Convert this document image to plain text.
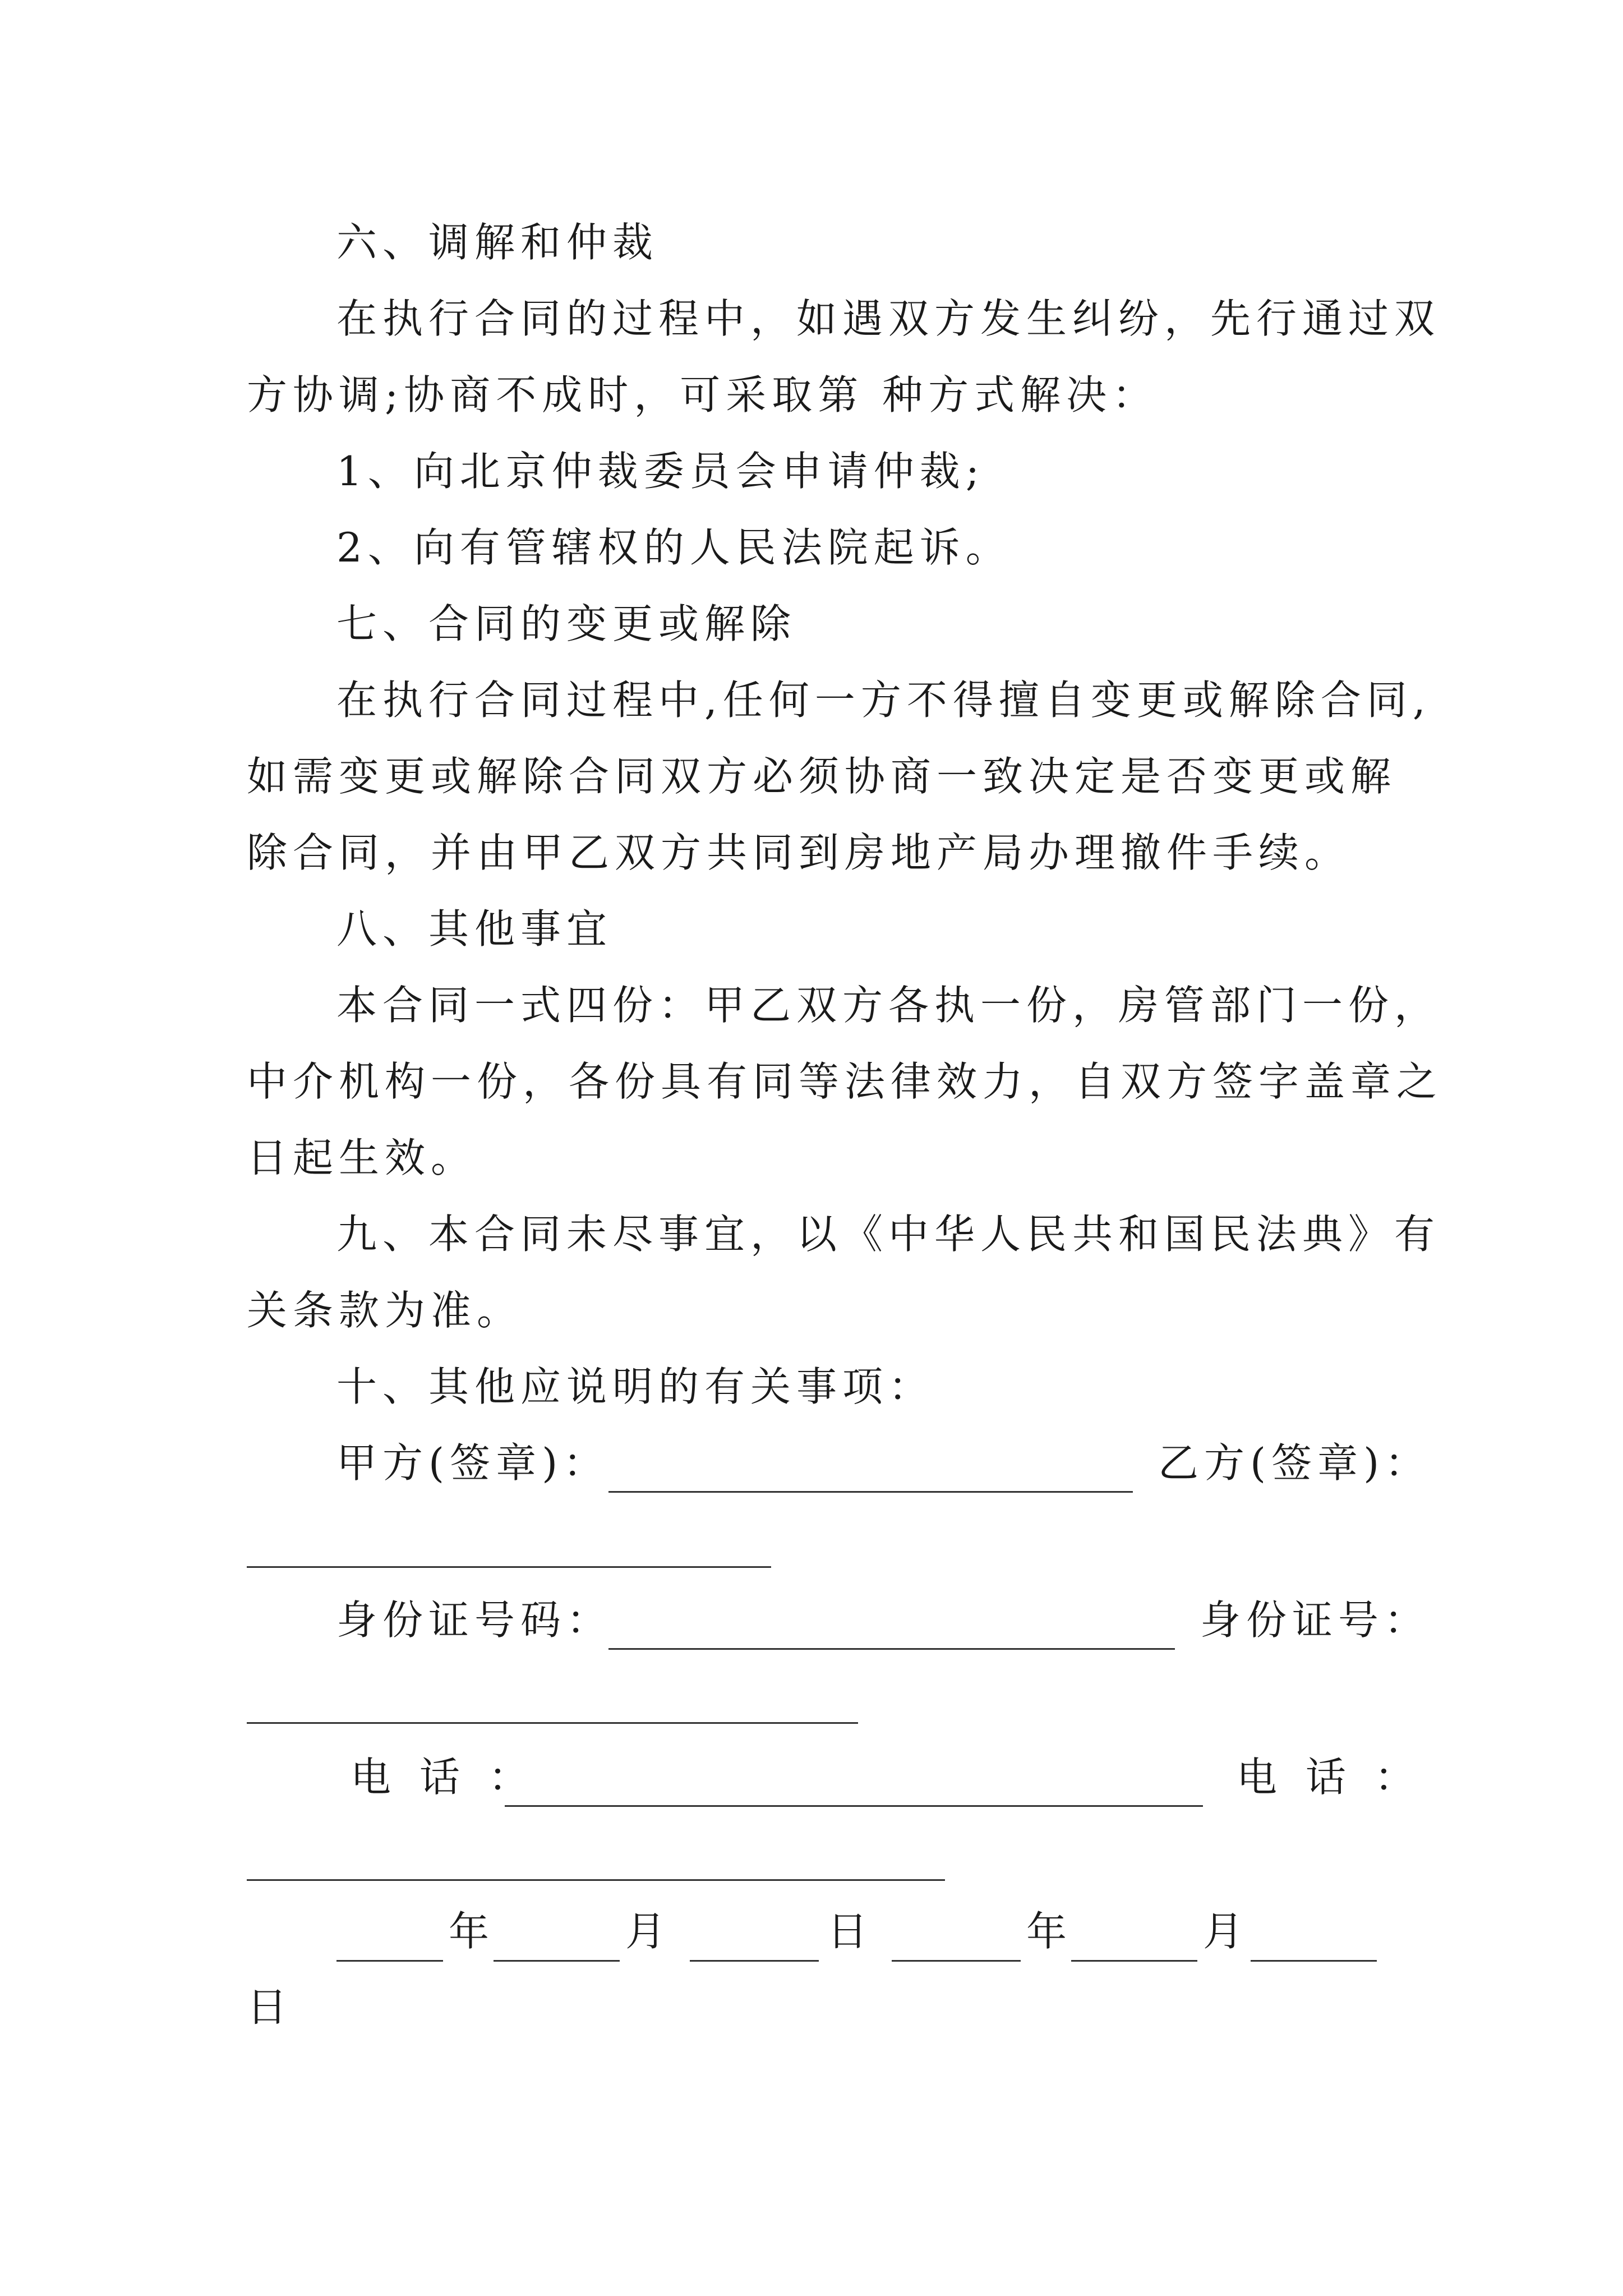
六、调解和仲裁

在执行合同的过程中，如遇双方发生纠纷，先行通过双

方协调;协商不成时，可采取第 种方式解决：

1、向北京仲裁委员会申请仲裁;

2、向有管辖权的人民法院起诉。

七、合同的变更或解除

在执行合同过程中,任何一方不得擅自变更或解除合同,

如需变更或解除合同双方必须协商一致决定是否变更或解

除合同，并由甲乙双方共同到房地产局办理撤件手续。

八、其他事宜

本合同一式四份：甲乙双方各执一份，房管部门一份，

中介机构一份，各份具有同等法律效力，自双方签字盖章之

日起生效。

九、本合同未尽事宜，以《中华人民共和国民法典》有

关条款为准。

十、其他应说明的有关事项：

甲方(签章)：	乙方(签章)：

身份证号码：	身份证号：

电 话 ：	电 话 ：

年	月	日	年	月

日
